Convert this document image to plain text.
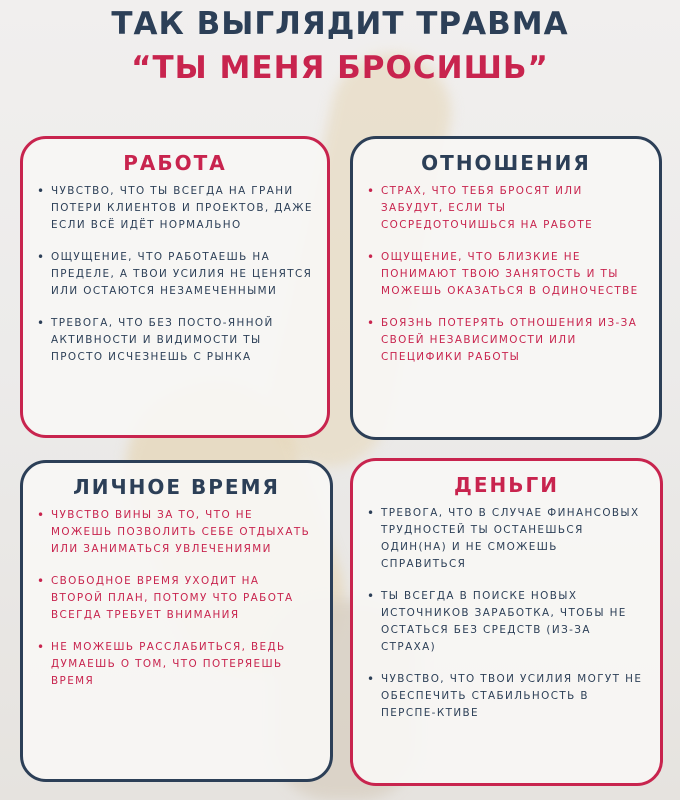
ТАК ВЫГЛЯДИТ ТРАВМА
“ТЫ МЕНЯ БРОСИШЬ”
РАБОТА
• ЧУВСТВО, ЧТО ТЫ ВСЕГДА НА ГРАНИ ПОТЕРИ КЛИЕНТОВ И ПРОЕКТОВ, ДАЖЕ ЕСЛИ ВСЁ ИДЁТ НОРМАЛЬНО
• ОЩУЩЕНИЕ, ЧТО РАБОТАЕШЬ НА ПРЕДЕЛЕ, А ТВОИ УСИЛИЯ НЕ ЦЕНЯТСЯ ИЛИ ОСТАЮТСЯ НЕЗАМЕЧЕННЫМИ
• ТРЕВОГА, ЧТО БЕЗ ПОСТО-ЯННОЙ АКТИВНОСТИ И ВИДИМОСТИ ТЫ ПРОСТО ИСЧЕЗНЕШЬ С РЫНКА
ОТНОШЕНИЯ
• СТРАХ, ЧТО ТЕБЯ БРОСЯТ ИЛИ ЗАБУДУТ, ЕСЛИ ТЫ СОСРЕДОТОЧИШЬСЯ НА РАБОТЕ
• ОЩУЩЕНИЕ, ЧТО БЛИЗКИЕ НЕ ПОНИМАЮТ ТВОЮ ЗАНЯТОСТЬ И ТЫ МОЖЕШЬ ОКАЗАТЬСЯ В ОДИНОЧЕСТВЕ
• БОЯЗНЬ ПОТЕРЯТЬ ОТНОШЕНИЯ ИЗ-ЗА СВОЕЙ НЕЗАВИСИМОСТИ ИЛИ СПЕЦИФИКИ РАБОТЫ
ЛИЧНОЕ ВРЕМЯ
• ЧУВСТВО ВИНЫ ЗА ТО, ЧТО НЕ МОЖЕШЬ ПОЗВОЛИТЬ СЕБЕ ОТДЫХАТЬ ИЛИ ЗАНИМАТЬСЯ УВЛЕЧЕНИЯМИ
• СВОБОДНОЕ ВРЕМЯ УХОДИТ НА ВТОРОЙ ПЛАН, ПОТОМУ ЧТО РАБОТА ВСЕГДА ТРЕБУЕТ ВНИМАНИЯ
• НЕ МОЖЕШЬ РАССЛАБИТЬСЯ, ВЕДЬ ДУМАЕШЬ О ТОМ, ЧТО ПОТЕРЯЕШЬ ВРЕМЯ
ДЕНЬГИ
• ТРЕВОГА, ЧТО В СЛУЧАЕ ФИНАНСОВЫХ ТРУДНОСТЕЙ ТЫ ОСТАНЕШЬСЯ ОДИН(НА) И НЕ СМОЖЕШЬ СПРАВИТЬСЯ
• ТЫ ВСЕГДА В ПОИСКЕ НОВЫХ ИСТОЧНИКОВ ЗАРАБОТКА, ЧТОБЫ НЕ ОСТАТЬСЯ БЕЗ СРЕДСТВ (ИЗ-ЗА СТРАХА)
• ЧУВСТВО, ЧТО ТВОИ УСИЛИЯ МОГУТ НЕ ОБЕСПЕЧИТЬ СТАБИЛЬНОСТЬ В ПЕРСПЕ-КТИВЕ
